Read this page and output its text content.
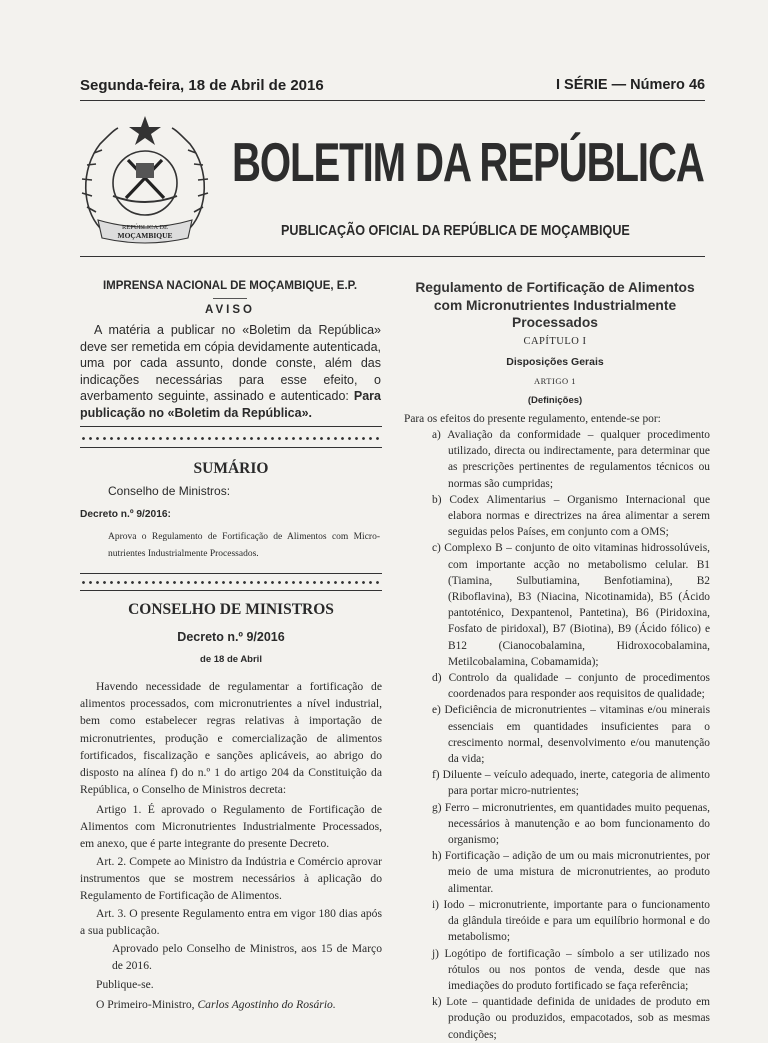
Segunda-feira, 18 de Abril de 2016	I SÉRIE — Número 46
REPÚBLICA DE
MOÇAMBIQUE
BOLETIM DA REPÚBLICA
PUBLICAÇÃO OFICIAL DA REPÚBLICA DE MOÇAMBIQUE
IMPRENSA NACIONAL DE MOÇAMBIQUE, E.P.
AVISO
A matéria a publicar no «Boletim da República» deve ser remetida em cópia devidamente autenticada, uma por cada assunto, donde conste, além das indicações necessárias para esse efeito, o averbamento seguinte, assinado e autenticado: Para publicação no «Boletim da República».
SUMÁRIO
Conselho de Ministros:
Decreto n.º 9/2016:
Aprova o Regulamento de Fortificação de Alimentos com Micro-nutrientes Industrialmente Processados.
CONSELHO DE MINISTROS
Decreto n.º 9/2016
de 18 de Abril
Havendo necessidade de regulamentar a fortificação de alimentos processados, com micronutrientes a nível industrial, bem como estabelecer regras relativas à importação de micronutrientes, produção e comercialização de alimentos fortificados, fiscalização e sanções aplicáveis, ao abrigo do disposto na alínea f) do n.º 1 do artigo 204 da Constituição da República, o Conselho de Ministros decreta:
Artigo 1. É aprovado o Regulamento de Fortificação de Alimentos com Micronutrientes Industrialmente Processados, em anexo, que é parte integrante do presente Decreto.
Art. 2. Compete ao Ministro da Indústria e Comércio aprovar instrumentos que se mostrem necessários à aplicação do Regulamento de Fortificação de Alimentos.
Art. 3. O presente Regulamento entra em vigor 180 dias após a sua publicação.
Aprovado pelo Conselho de Ministros, aos 15 de Março de 2016.
Publique-se.
O Primeiro-Ministro, Carlos Agostinho do Rosário.
Regulamento de Fortificação de Alimentos com Micronutrientes Industrialmente Processados
CAPÍTULO I
Disposições Gerais
ARTIGO 1
(Definições)
Para os efeitos do presente regulamento, entende-se por:
a) Avaliação da conformidade – qualquer procedimento utilizado, directa ou indirectamente, para determinar que as prescrições pertinentes de regulamentos técnicos ou normas são cumpridas;
b) Codex Alimentarius – Organismo Internacional que elabora normas e directrizes na área alimentar a serem seguidas pelos Países, em conjunto com a OMS;
c) Complexo B – conjunto de oito vitaminas hidrossolúveis, com importante acção no metabolismo celular. B1 (Tiamina, Sulbutiamina, Benfotiamina), B2 (Riboflavina), B3 (Niacina, Nicotinamida), B5 (Ácido pantoténico, Dexpantenol, Pantetina), B6 (Piridoxina, Fosfato de piridoxal), B7 (Biotina), B9 (Ácido fólico) e B12 (Cianocobalamina, Hidroxocobalamina, Metilcobalamina, Cobamamida);
d) Controlo da qualidade – conjunto de procedimentos coordenados para responder aos requisitos de qualidade;
e) Deficiência de micronutrientes – vitaminas e/ou minerais essenciais em quantidades insuficientes para o crescimento normal, desenvolvimento e/ou manutenção da vida;
f) Diluente – veículo adequado, inerte, categoria de alimento para portar micro-nutrientes;
g) Ferro – micronutrientes, em quantidades muito pequenas, necessários à manutenção e ao bom funcionamento do organismo;
h) Fortificação – adição de um ou mais micronutrientes, por meio de uma mistura de micronutrientes, ao produto alimentar.
i) Iodo – micronutriente, importante para o funcionamento da glândula tireóide e para um equilíbrio hormonal e do metabolismo;
j) Logótipo de fortificação – símbolo a ser utilizado nos rótulos ou nos pontos de venda, desde que nas imediações do produto fortificado se faça referência;
k) Lote – quantidade definida de unidades de produto em produção ou produzidos, empacotados, sob as mesmas condições;
